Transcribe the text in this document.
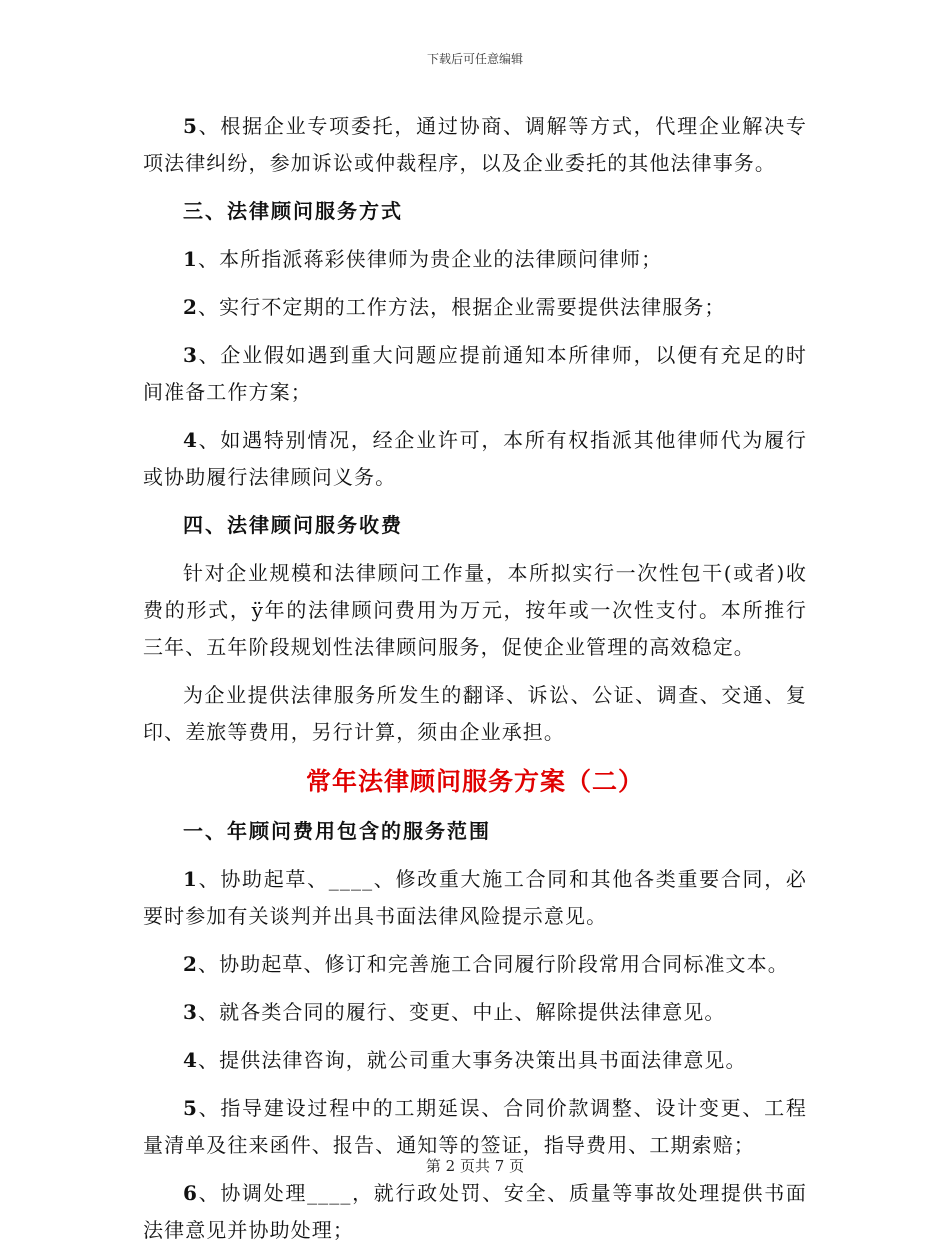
下载后可任意编辑

5、根据企业专项委托，通过协商、调解等方式，代理企业解决专项法律纠纷，参加诉讼或仲裁程序，以及企业委托的其他法律事务。

三、法律顾问服务方式

1、本所指派蒋彩侠律师为贵企业的法律顾问律师；

2、实行不定期的工作方法，根据企业需要提供法律服务；

3、企业假如遇到重大问题应提前通知本所律师，以便有充足的时间准备工作方案；

4、如遇特别情况，经企业许可，本所有权指派其他律师代为履行或协助履行法律顾问义务。

四、法律顾问服务收费

针对企业规模和法律顾问工作量，本所拟实行一次性包干(或者)收费的形式，ÿ年的法律顾问费用为万元，按年或一次性支付。本所推行三年、五年阶段规划性法律顾问服务，促使企业管理的高效稳定。

为企业提供法律服务所发生的翻译、诉讼、公证、调查、交通、复印、差旅等费用，另行计算，须由企业承担。

常年法律顾问服务方案（二）

一、年顾问费用包含的服务范围

1、协助起草、____、修改重大施工合同和其他各类重要合同，必要时参加有关谈判并出具书面法律风险提示意见。

2、协助起草、修订和完善施工合同履行阶段常用合同标准文本。

3、就各类合同的履行、变更、中止、解除提供法律意见。

4、提供法律咨询，就公司重大事务决策出具书面法律意见。

5、指导建设过程中的工期延误、合同价款调整、设计变更、工程量清单及往来函件、报告、通知等的签证，指导费用、工期索赔；

6、协调处理____，就行政处罚、安全、质量等事故处理提供书面法律意见并协助处理；

第 2 页共 7 页
